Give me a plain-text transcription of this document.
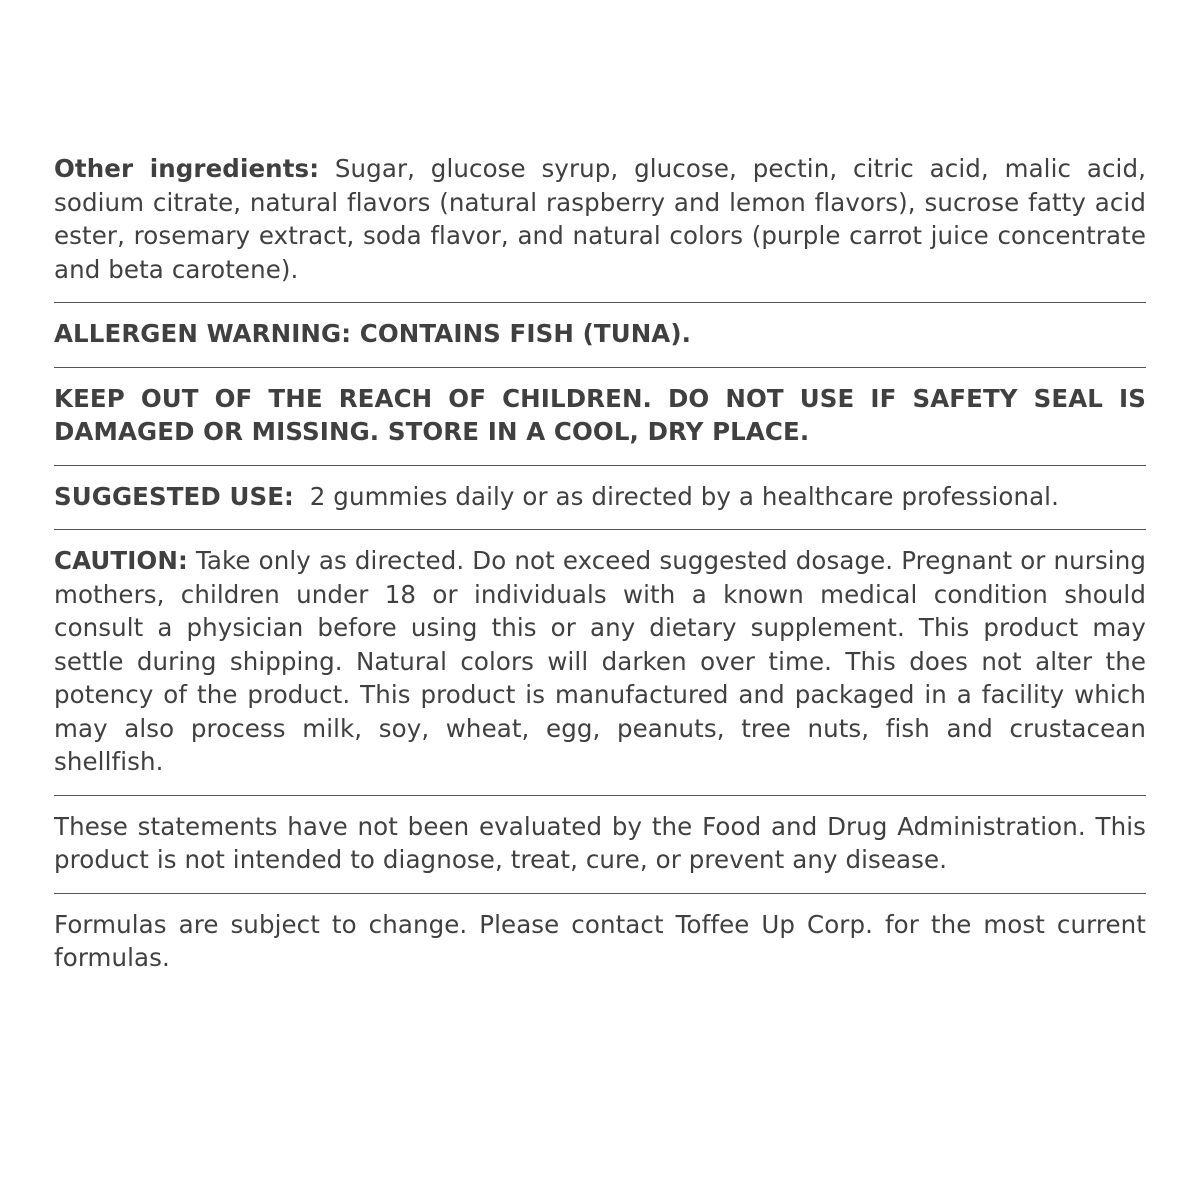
Other ingredients: Sugar, glucose syrup, glucose, pectin, citric acid, malic acid, sodium citrate, natural flavors (natural raspberry and lemon flavors), sucrose fatty acid ester, rosemary extract, soda flavor, and natural colors (purple carrot juice concentrate and beta carotene).
ALLERGEN WARNING: CONTAINS FISH (TUNA).
KEEP OUT OF THE REACH OF CHILDREN. DO NOT USE IF SAFETY SEAL IS DAMAGED OR MISSING. STORE IN A COOL, DRY PLACE.
SUGGESTED USE:  2 gummies daily or as directed by a healthcare professional.
CAUTION: Take only as directed. Do not exceed suggested dosage. Pregnant or nursing mothers, children under 18 or individuals with a known medical condition should consult a physician before using this or any dietary supplement. This product may settle during shipping. Natural colors will darken over time. This does not alter the potency of the product. This product is manufactured and packaged in a facility which may also process milk, soy, wheat, egg, peanuts, tree nuts, fish and crustacean shellfish.
These statements have not been evaluated by the Food and Drug Administration. This product is not intended to diagnose, treat, cure, or prevent any disease.
Formulas are subject to change. Please contact Toffee Up Corp. for the most current formulas.
